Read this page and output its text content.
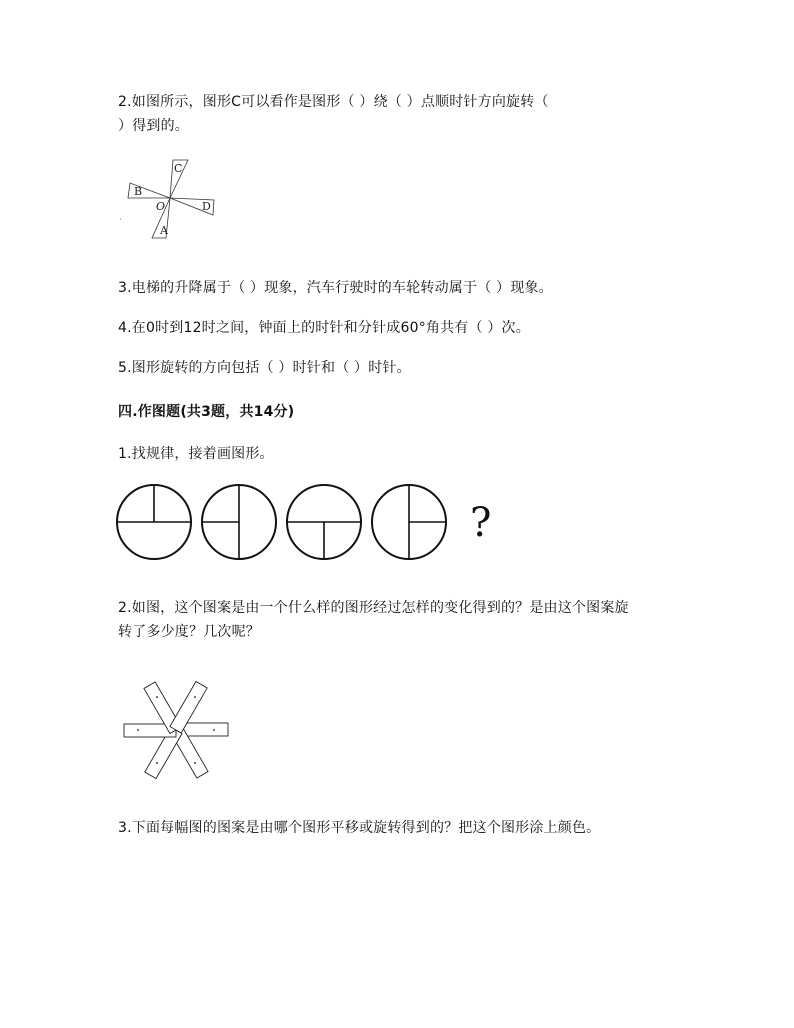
2.如图所示，图形C可以看作是图形（ ）绕（ ）点顺时针方向旋转（
）得到的。
C
B
O	D
A
3.电梯的升降属于（ ）现象，汽车行驶时的车轮转动属于（ ）现象。
4.在0时到12时之间，钟面上的时针和分针成60°角共有（ ）次。
5.图形旋转的方向包括（ ）时针和（ ）时针。
四.作图题(共3题，共14分)
1.找规律，接着画图形。
?
2.如图，这个图案是由一个什么样的图形经过怎样的变化得到的？是由这个图案旋
转了多少度？几次呢？
3.下面每幅图的图案是由哪个图形平移或旋转得到的？把这个图形涂上颜色。
